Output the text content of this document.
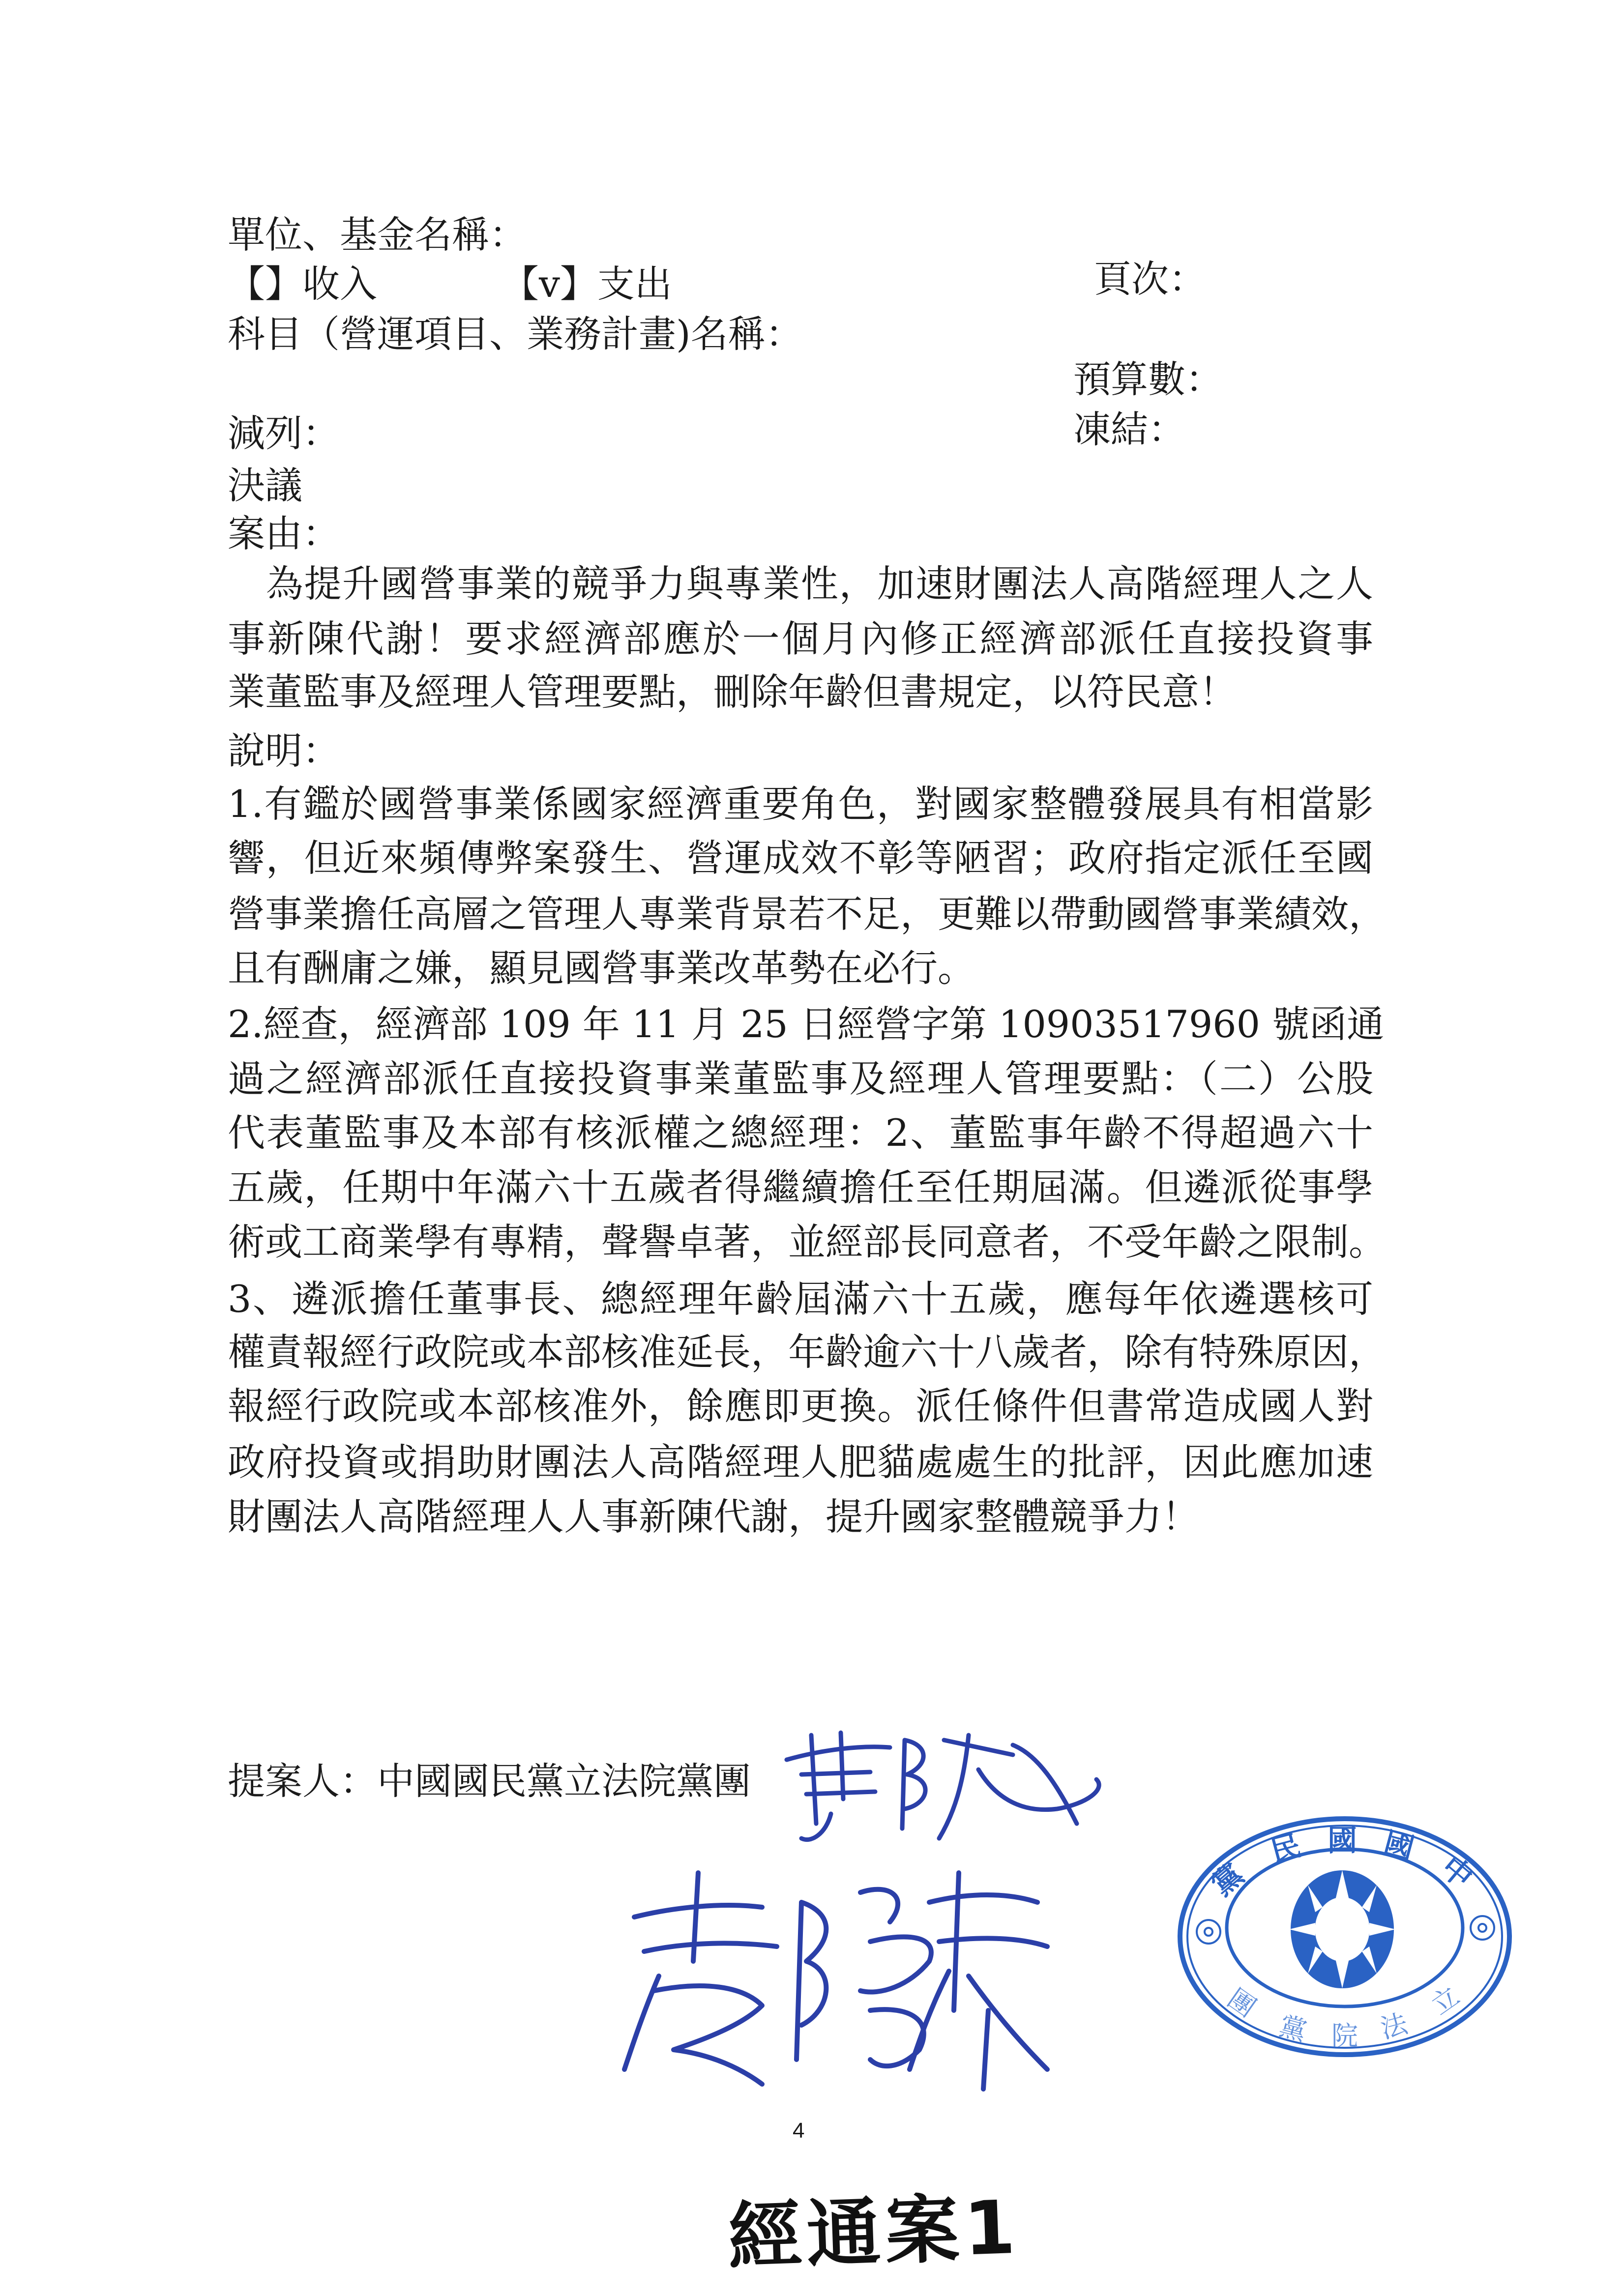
單位、基金名稱：
【】收入	【v】支出	頁次：
科目（營運項目、業務計畫)名稱：
預算數：
減列：	凍結：
決議
案由：
　為提升國營事業的競爭力與專業性，加速財團法人高階經理人之人
事新陳代謝！要求經濟部應於一個月內修正經濟部派任直接投資事
業董監事及經理人管理要點，刪除年齡但書規定，以符民意！
說明：
1.有鑑於國營事業係國家經濟重要角色，對國家整體發展具有相當影
響，但近來頻傳弊案發生、營運成效不彰等陋習；政府指定派任至國
營事業擔任高層之管理人專業背景若不足，更難以帶動國營事業績效，
且有酬庸之嫌，顯見國營事業改革勢在必行。
2.經查，經濟部 109 年 11 月 25 日經營字第 10903517960 號函通
過之經濟部派任直接投資事業董監事及經理人管理要點：（二）公股
代表董監事及本部有核派權之總經理：2、董監事年齡不得超過六十
五歲，任期中年滿六十五歲者得繼續擔任至任期屆滿。但遴派從事學
術或工商業學有專精，聲譽卓著，並經部長同意者，不受年齡之限制。
3、遴派擔任董事長、總經理年齡屆滿六十五歲，應每年依遴選核可
權責報經行政院或本部核准延長，年齡逾六十八歲者，除有特殊原因，
報經行政院或本部核准外，餘應即更換。派任條件但書常造成國人對
政府投資或捐助財團法人高階經理人肥貓處處生的批評，因此應加速
財團法人高階經理人人事新陳代謝，提升國家整體競爭力！
提案人：中國國民黨立法院黨團
中
國
國
民
黨
立
法
院
黨
團
4
經通案1
